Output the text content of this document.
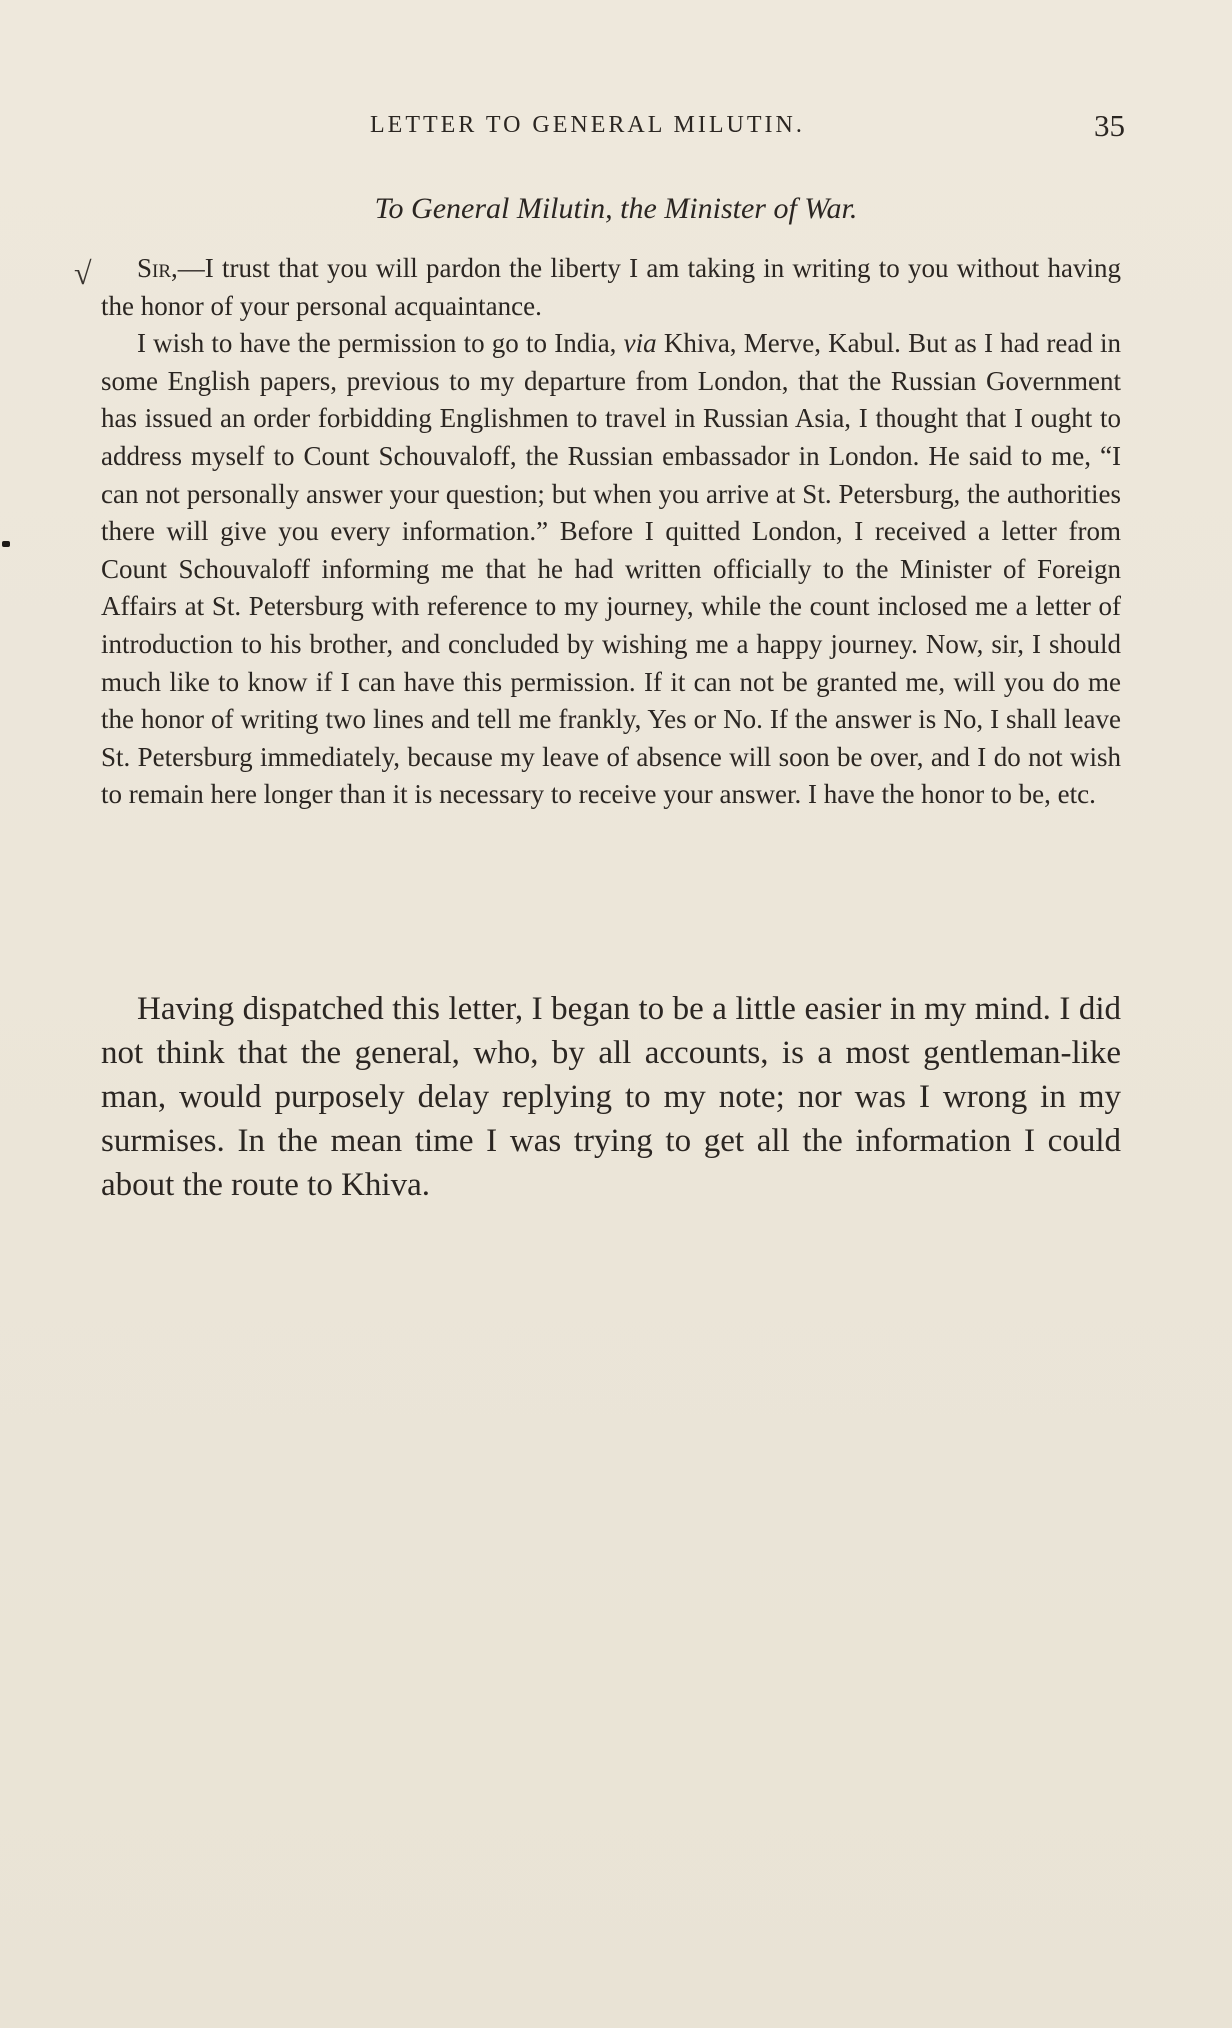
LETTER TO GENERAL MILUTIN.	35
To General Milutin, the Minister of War.
√	Sir,—I trust that you will pardon the liberty I am taking in writing to you without having the honor of your personal acquaintance.

I wish to have the permission to go to India, via Khiva, Merve, Kabul. But as I had read in some English papers, previous to my departure from London, that the Russian Government has issued an order forbidding Englishmen to travel in Russian Asia, I thought that I ought to address myself to Count Schouvaloff, the Russian embassador in London. He said to me, “I can not personally answer your question; but when you arrive at St. Petersburg, the authorities there will give you every information.” Before I quitted London, I received a letter from Count Schouvaloff informing me that he had written officially to the Minister of Foreign Affairs at St. Petersburg with reference to my journey, while the count inclosed me a letter of introduction to his brother, and concluded by wishing me a happy journey. Now, sir, I should much like to know if I can have this permission. If it can not be granted me, will you do me the honor of writing two lines and tell me frankly, Yes or No. If the answer is No, I shall leave St. Petersburg immediately, because my leave of absence will soon be over, and I do not wish to remain here longer than it is necessary to receive your answer. I have the honor to be, etc.

Having dispatched this letter, I began to be a little easier in my mind. I did not think that the general, who, by all accounts, is a most gentleman-like man, would purposely delay replying to my note; nor was I wrong in my surmises. In the mean time I was trying to get all the information I could about the route to Khiva.
